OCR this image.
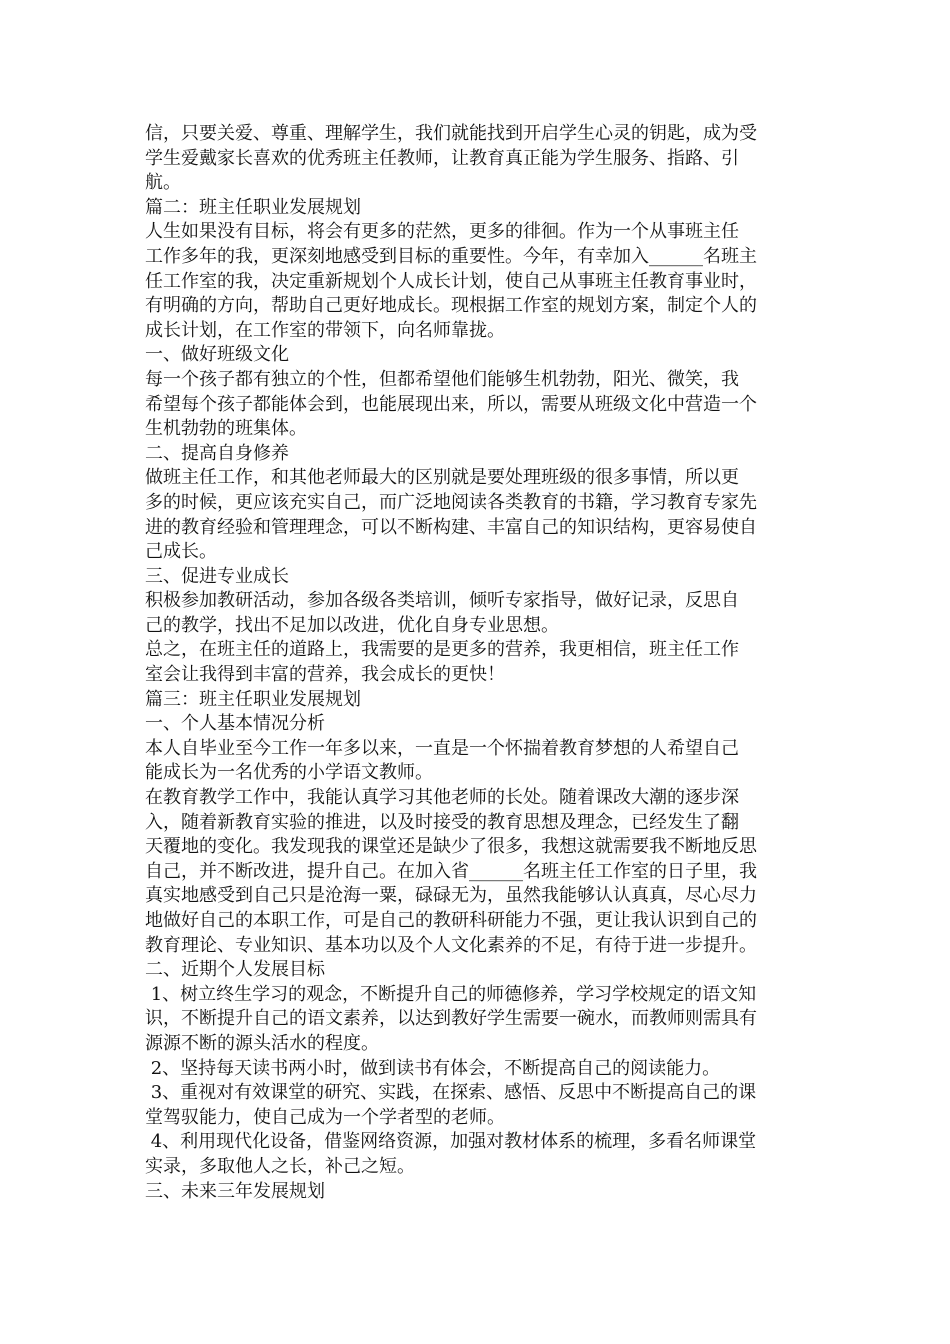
信，只要关爱、尊重、理解学生，我们就能找到开启学生心灵的钥匙，成为受

学生爱戴家长喜欢的优秀班主任教师，让教育真正能为学生服务、指路、引

航。

篇二：班主任职业发展规划

人生如果没有目标，将会有更多的茫然，更多的徘徊。作为一个从事班主任

工作多年的我，更深刻地感受到目标的重要性。今年，有幸加入______名班主

任工作室的我，决定重新规划个人成长计划，使自己从事班主任教育事业时，

有明确的方向，帮助自己更好地成长。现根据工作室的规划方案，制定个人的

成长计划，在工作室的带领下，向名师靠拢。

一、做好班级文化

每一个孩子都有独立的个性，但都希望他们能够生机勃勃，阳光、微笑，我

希望每个孩子都能体会到，也能展现出来，所以，需要从班级文化中营造一个

生机勃勃的班集体。

二、提高自身修养

做班主任工作，和其他老师最大的区别就是要处理班级的很多事情，所以更

多的时候，更应该充实自己，而广泛地阅读各类教育的书籍，学习教育专家先

进的教育经验和管理理念，可以不断构建、丰富自己的知识结构，更容易使自

己成长。

三、促进专业成长

积极参加教研活动，参加各级各类培训，倾听专家指导，做好记录，反思自

己的教学，找出不足加以改进，优化自身专业思想。

总之，在班主任的道路上，我需要的是更多的营养，我更相信，班主任工作

室会让我得到丰富的营养，我会成长的更快！

篇三：班主任职业发展规划

一、个人基本情况分析

本人自毕业至今工作一年多以来，一直是一个怀揣着教育梦想的人希望自己

能成长为一名优秀的小学语文教师。

在教育教学工作中，我能认真学习其他老师的长处。随着课改大潮的逐步深

入，随着新教育实验的推进，以及时接受的教育思想及理念，已经发生了翻

天覆地的变化。我发现我的课堂还是缺少了很多，我想这就需要我不断地反思

自己，并不断改进，提升自己。在加入省______名班主任工作室的日子里，我

真实地感受到自己只是沧海一粟，碌碌无为，虽然我能够认认真真，尽心尽力

地做好自己的本职工作，可是自己的教研科研能力不强，更让我认识到自己的

教育理论、专业知识、基本功以及个人文化素养的不足，有待于进一步提升。

二、近期个人发展目标

1、树立终生学习的观念，不断提升自己的师德修养，学习学校规定的语文知

识，不断提升自己的语文素养，以达到教好学生需要一碗水，而教师则需具有

源源不断的源头活水的程度。

2、坚持每天读书两小时，做到读书有体会，不断提高自己的阅读能力。

3、重视对有效课堂的研究、实践，在探索、感悟、反思中不断提高自己的课

堂驾驭能力，使自己成为一个学者型的老师。

4、利用现代化设备，借鉴网络资源，加强对教材体系的梳理，多看名师课堂

实录，多取他人之长，补己之短。

三、未来三年发展规划
